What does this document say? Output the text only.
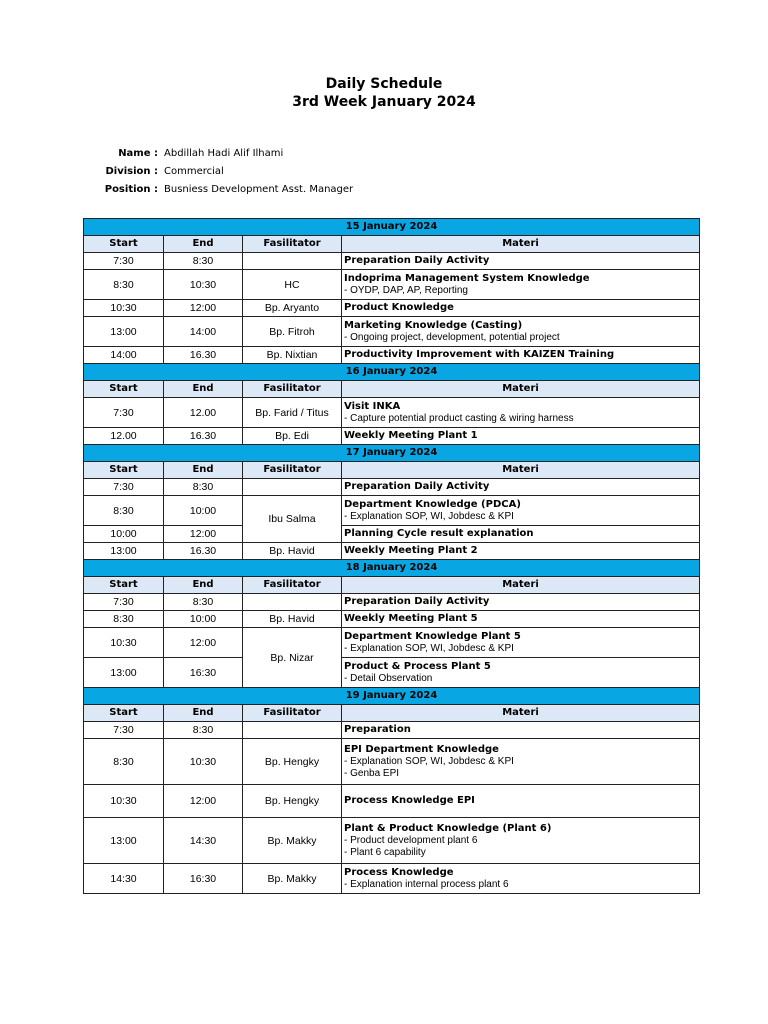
Daily Schedule
3rd Week January 2024
Name : Abdillah Hadi Alif Ilhami
Division : Commercial
Position : Busniess Development Asst. Manager
15 January 2024			
Start	End	Fasilitator	Materi
7:30	8:30		Preparation Daily Activity

8:30	10:30	HC	Indoprima Management System Knowledge
- OYDP, DAP, AP, Reporting

10:30	12:00	Bp. Aryanto	Product Knowledge

13:00	14:00	Bp. Fitroh	Marketing Knowledge (Casting)
- Ongoing project, development, potential project

14:00	16.30	Bp. Nixtian	Productivity Improvement with KAIZEN Training

16 January 2024			
Start	End	Fasilitator	Materi
7:30	12.00	Bp. Farid / Titus	Visit INKA
- Capture potential product casting & wiring harness

12.00	16.30	Bp. Edi	Weekly Meeting Plant 1

17 January 2024			
Start	End	Fasilitator	Materi
7:30	8:30		Preparation Daily Activity

8:30	10:00	Ibu Salma	Department Knowledge (PDCA)
- Explanation SOP, WI, Jobdesc & KPI

10:00	12:00		Planning Cycle result explanation

13:00	16.30	Bp. Havid	Weekly Meeting Plant 2

18 January 2024			
Start	End	Fasilitator	Materi
7:30	8:30		Preparation Daily Activity

8:30	10:00	Bp. Havid	Weekly Meeting Plant 5

10:30	12:00	Bp. Nizar	Department Knowledge Plant 5
- Explanation SOP, WI, Jobdesc & KPI

13:00	16:30		Product & Process Plant 5
- Detail Observation

19 January 2024			
Start	End	Fasilitator	Materi
7:30	8:30		Preparation

8:30	10:30	Bp. Hengky	EPI Department Knowledge
- Explanation SOP, WI, Jobdesc & KPI
- Genba EPI

10:30	12:00	Bp. Hengky	Process Knowledge EPI

13:00	14:30	Bp. Makky	Plant & Product Knowledge (Plant 6)
- Product development plant 6
- Plant 6 capability

14:30	16:30	Bp. Makky	Process Knowledge
- Explanation internal process plant 6
